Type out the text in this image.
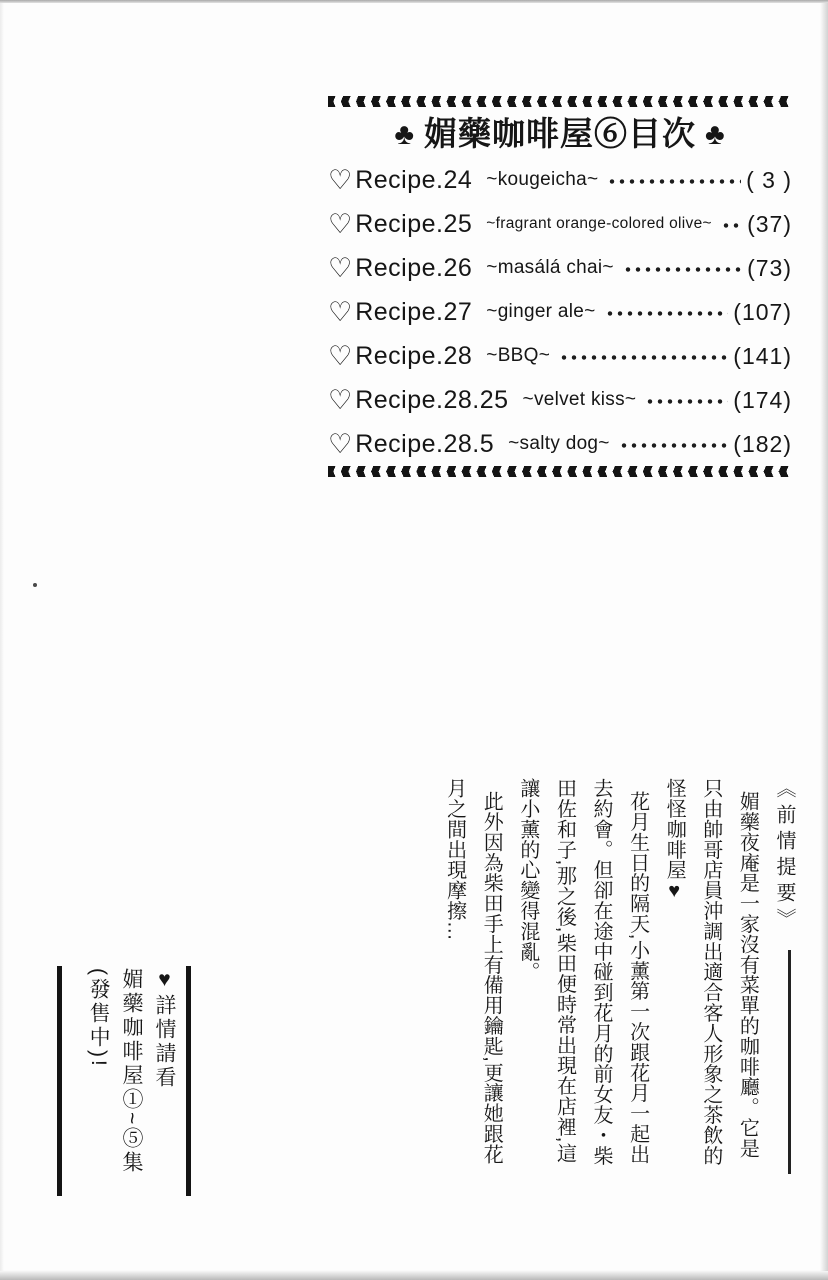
♣ 媚藥咖啡屋⑥目次 ♣
♡ Recipe.24 ~kougeicha~	( 3 )
♡ Recipe.25 ~fragrant orange-colored olive~ (37)
♡ Recipe.26 ~masálá chai~	(73)
♡ Recipe.27 ~ginger ale~	(107)
♡ Recipe.28 ~BBQ~	(141)
♡ Recipe.28.25 ~velvet kiss~	(174)
♡ Recipe.28.5 ~salty dog~	(182)
《前情提要》

媚藥夜庵是一家沒有菜單的咖啡廳。它是只由帥哥店員沖調出適合客人形象之茶飲的怪怪咖啡屋♥

花月生日的隔天,小薰第一次跟花月一起出去約會。但卻在途中碰到花月的前女友・柴田佐和子,那之後,柴田便時常出現在店裡,這讓小薰的心變得混亂。

此外因為柴田手上有備用鑰匙,更讓她跟花月之間出現摩擦…

♥詳情請看

媚藥咖啡屋①~⑤集

(發售中)!
